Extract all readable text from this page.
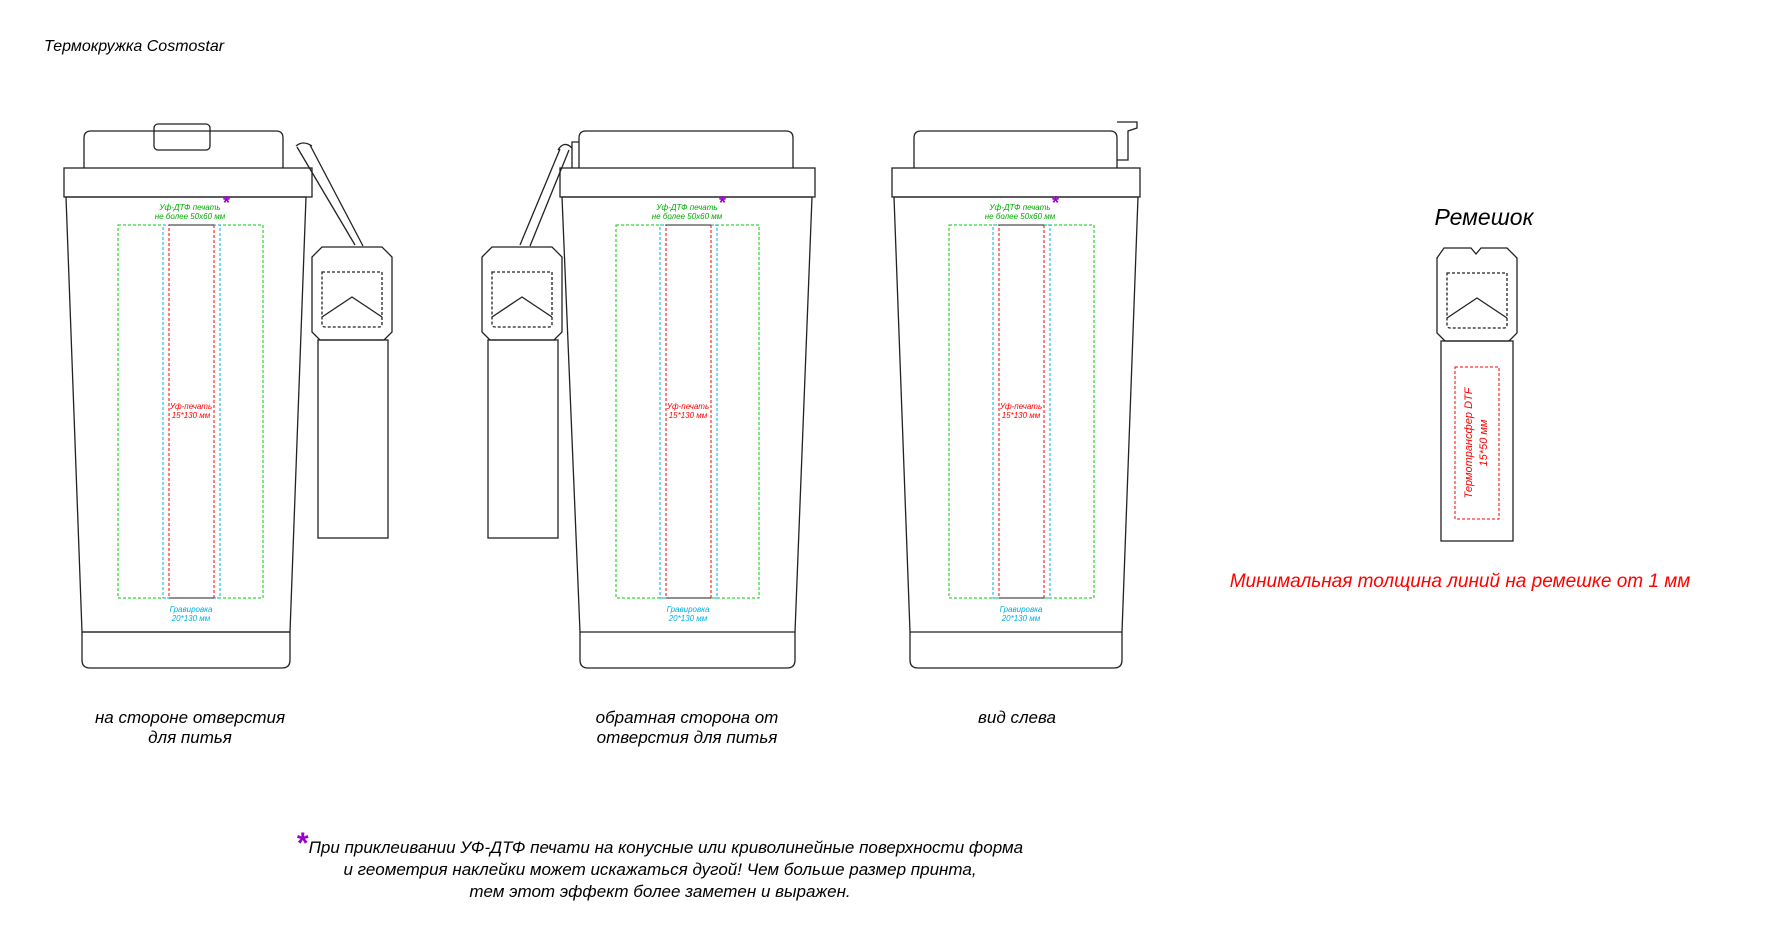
Термотрансфер DTF 15*50 мм
Термокружка Cosmostar
Уф-ДТФ печать
не более 50х60 мм
*
Уф-печать
15*130 мм
Гравировка
20*130 мм
Уф-ДТФ печать
не более 50х60 мм
*
Уф-печать
15*130 мм
Гравировка
20*130 мм
Уф-ДТФ печать
не более 50х60 мм
*
Уф-печать
15*130 мм
Гравировка
20*130 мм
на стороне отверстия
для питья
обратная сторона от
отверстия для питья
вид слева
Ремешок
Минимальная толщина линий на ремешке от 1 мм
*При приклеивании УФ-ДТФ печати на конусные или криволинейные поверхности форма
и геометрия наклейки может искажаться дугой! Чем больше размер принта,
тем этот эффект более заметен и выражен.
